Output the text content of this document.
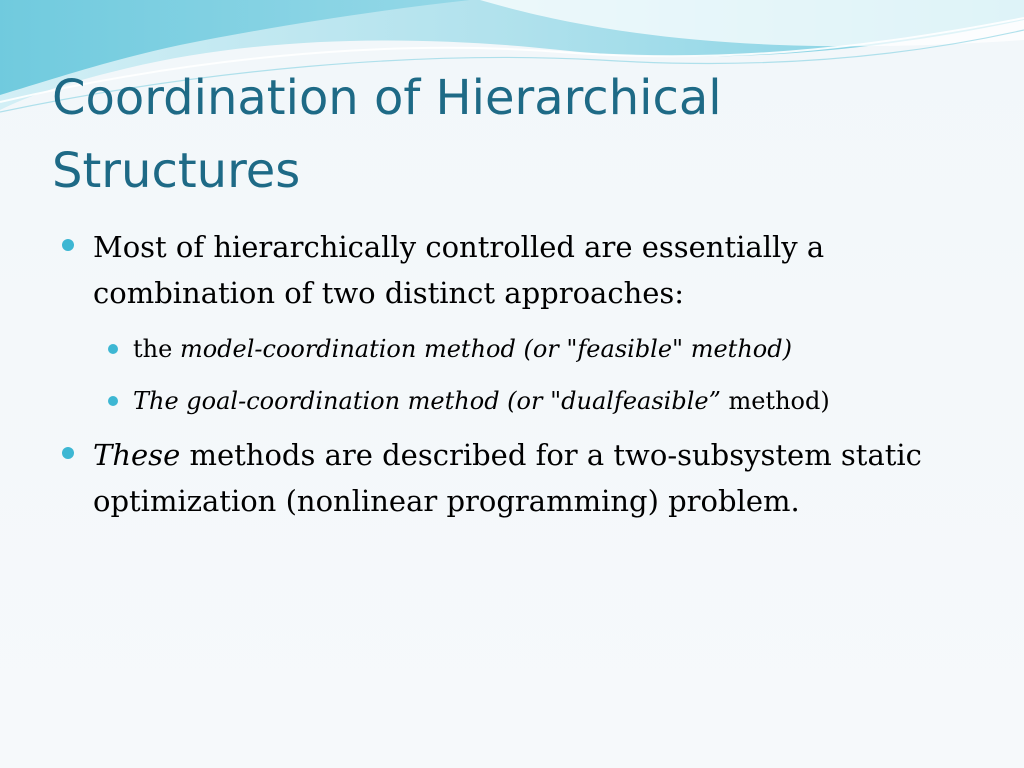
Coordination of Hierarchical Structures
Most of hierarchically controlled are essentially a combination of two distinct approaches:
the model-coordination method (or "feasible" method)
The goal-coordination method (or "dualfeasible” method)
These methods are described for a two-subsystem static optimization (nonlinear programming) problem.
